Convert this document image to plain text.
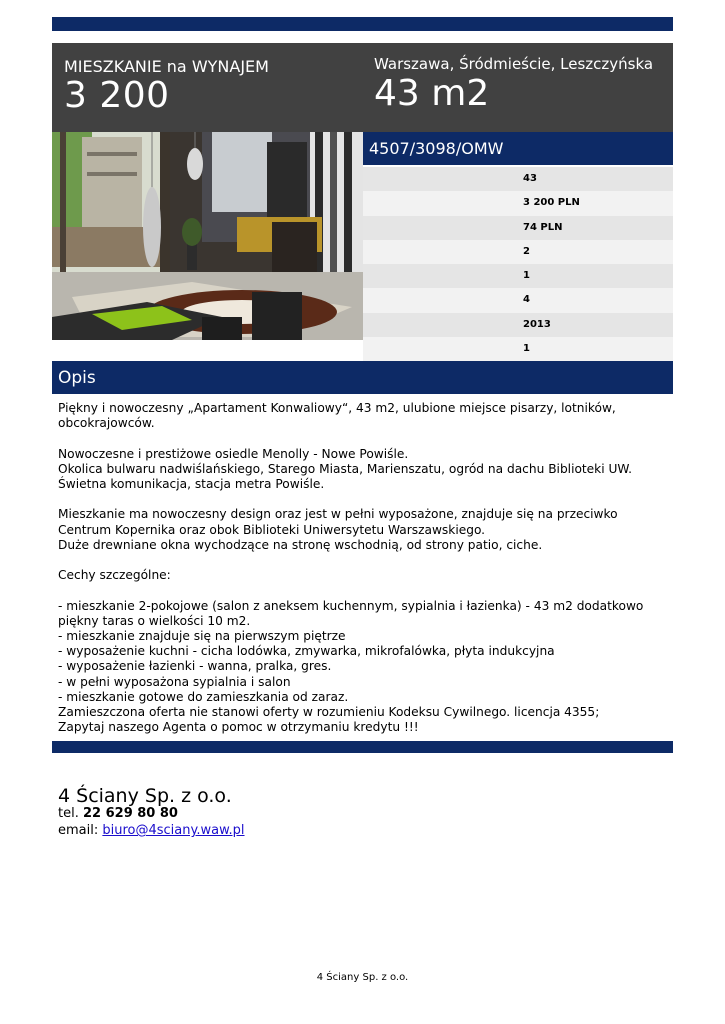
MIESZKANIE na WYNAJEM
3 200
Warszawa, Śródmieście, Leszczyńska
43 m2
4507/3098/OMW
43
3 200 PLN
74 PLN
2
1
4
2013
1
Opis

Piękny i nowoczesny „Apartament Konwaliowy“, 43 m2, ulubione miejsce pisarzy, lotników,

obcokrajowców.

Nowoczesne i prestiżowe osiedle Menolly - Nowe Powiśle.

Okolica bulwaru nadwiślańskiego, Starego Miasta, Marienszatu, ogród na dachu Biblioteki UW.

Świetna komunikacja, stacja metra Powiśle.

Mieszkanie ma nowoczesny design oraz jest w pełni wyposażone, znajduje się na przeciwko

Centrum Kopernika oraz obok Biblioteki Uniwersytetu Warszawskiego.

Duże drewniane okna wychodzące na stronę wschodnią, od strony patio, ciche.

Cechy szczególne:

- mieszkanie 2-pokojowe (salon z aneksem kuchennym, sypialnia i łazienka) - 43 m2 dodatkowo

piękny taras o wielkości 10 m2.

- mieszkanie znajduje się na pierwszym piętrze

- wyposażenie kuchni - cicha lodówka, zmywarka, mikrofalówka, płyta indukcyjna

- wyposażenie łazienki - wanna, pralka, gres.

- w pełni wyposażona sypialnia i salon

- mieszkanie gotowe do zamieszkania od zaraz.

Zamieszczona oferta nie stanowi oferty w rozumieniu Kodeksu Cywilnego. licencja 4355;

Zapytaj naszego Agenta o pomoc w otrzymaniu kredytu !!!

4 Ściany Sp. z o.o.
tel. 22 629 80 80
email: biuro@4sciany.waw.pl
4 Ściany Sp. z o.o.
